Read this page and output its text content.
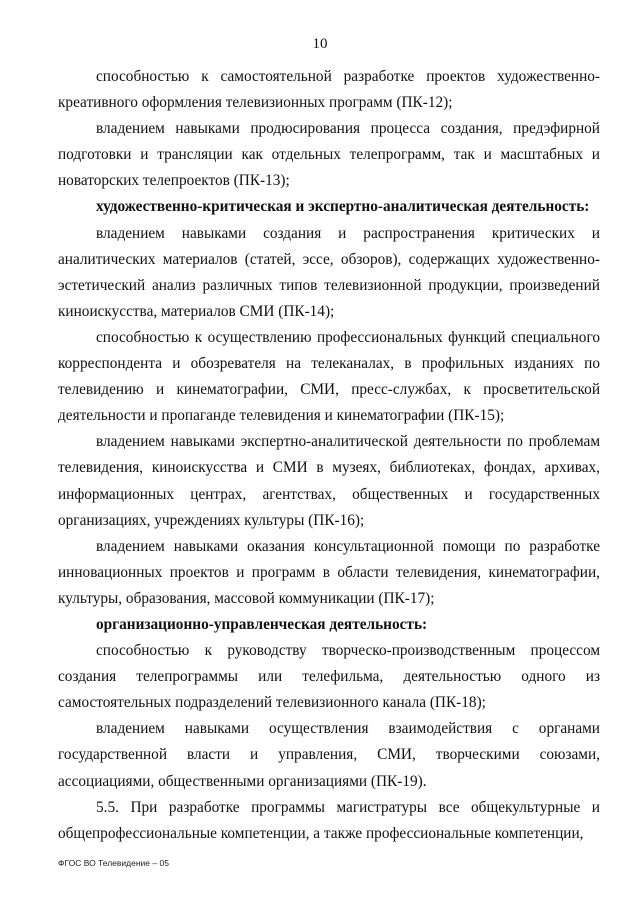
10

способностью к самостоятельной разработке проектов художественно-креативного оформления телевизионных программ (ПК-12);

владением навыками продюсирования процесса создания, предэфирной подготовки и трансляции как отдельных телепрограмм, так и масштабных и новаторских телепроектов (ПК-13);

художественно-критическая и экспертно-аналитическая деятельность:

владением навыками создания и распространения критических и аналитических материалов (статей, эссе, обзоров), содержащих художественно-эстетический анализ различных типов телевизионной продукции, произведений киноискусства, материалов СМИ (ПК-14);

способностью к осуществлению профессиональных функций специального корреспондента и обозревателя на телеканалах, в профильных изданиях по телевидению и кинематографии, СМИ, пресс-службах, к просветительской деятельности и пропаганде телевидения и кинематографии (ПК-15);

владением навыками экспертно-аналитической деятельности по проблемам телевидения, киноискусства и СМИ в музеях, библиотеках, фондах, архивах, информационных центрах, агентствах, общественных и государственных организациях, учреждениях культуры (ПК-16);

владением навыками оказания консультационной помощи по разработке инновационных проектов и программ в области телевидения, кинематографии, культуры, образования, массовой коммуникации (ПК-17);

организационно-управленческая деятельность:

способностью к руководству творческо-производственным процессом создания телепрограммы или телефильма, деятельностью одного из самостоятельных подразделений телевизионного канала (ПК-18);

владением навыками осуществления взаимодействия с органами государственной власти и управления, СМИ, творческими союзами, ассоциациями, общественными организациями (ПК-19).

5.5. При разработке программы магистратуры все общекультурные и общепрофессиональные компетенции, а также профессиональные компетенции,

ФГОС ВО Телевидение – 05
